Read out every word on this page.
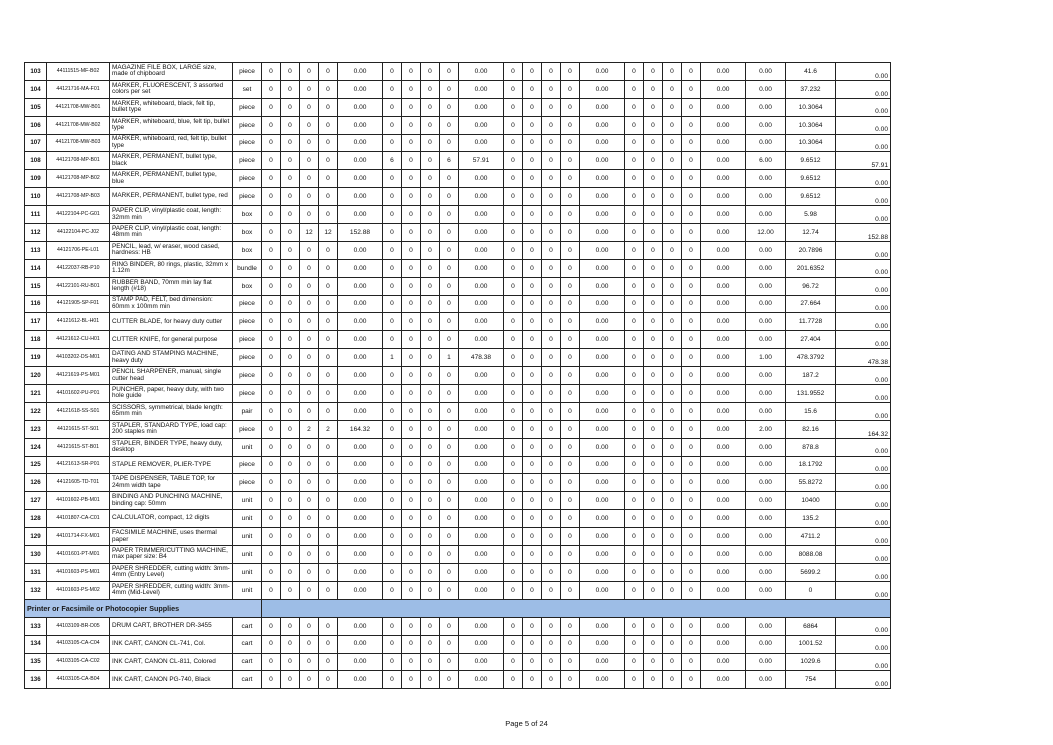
103	44111515-MF-B02	MAGAZINE FILE BOX, LARGE size, made of chipboard	piece	0	0	0	0	0.00	0	0	0	0	0.00	0	0	0	0	0.00	0	0	0	0	0.00	0.00	41.6	0.00
104	44121716-MA-F01	MARKER, FLUORESCENT, 3 assorted colors per set	set	0	0	0	0	0.00	0	0	0	0	0.00	0	0	0	0	0.00	0	0	0	0	0.00	0.00	37.232	0.00
105	44121708-MW-B01	MARKER, whiteboard, black, felt tip, bullet type	piece	0	0	0	0	0.00	0	0	0	0	0.00	0	0	0	0	0.00	0	0	0	0	0.00	0.00	10.3064	0.00
106	44121708-MW-B02	MARKER, whiteboard, blue, felt tip, bullet type	piece	0	0	0	0	0.00	0	0	0	0	0.00	0	0	0	0	0.00	0	0	0	0	0.00	0.00	10.3064	0.00
107	44121708-MW-B03	MARKER, whiteboard, red, felt tip, bullet type	piece	0	0	0	0	0.00	0	0	0	0	0.00	0	0	0	0	0.00	0	0	0	0	0.00	0.00	10.3064	0.00
108	44121708-MP-B01	MARKER, PERMANENT, bullet type, black	piece	0	0	0	0	0.00	6	0	0	6	57.91	0	0	0	0	0.00	0	0	0	0	0.00	6.00	9.6512	57.91
109	44121708-MP-B02	MARKER, PERMANENT, bullet type, blue	piece	0	0	0	0	0.00	0	0	0	0	0.00	0	0	0	0	0.00	0	0	0	0	0.00	0.00	9.6512	0.00
110	44121708-MP-B03	MARKER, PERMANENT, bullet type, red	piece	0	0	0	0	0.00	0	0	0	0	0.00	0	0	0	0	0.00	0	0	0	0	0.00	0.00	9.6512	0.00
111	44122104-PC-G01	PAPER CLIP, vinyl/plastic coat, length: 32mm min	box	0	0	0	0	0.00	0	0	0	0	0.00	0	0	0	0	0.00	0	0	0	0	0.00	0.00	5.98	0.00
112	44122104-PC-J02	PAPER CLIP, vinyl/plastic coat, length: 48mm min	box	0	0	12	12	152.88	0	0	0	0	0.00	0	0	0	0	0.00	0	0	0	0	0.00	12.00	12.74	152.88
113	44121706-PE-L01	PENCIL, lead, w/ eraser, wood cased, hardness: HB	box	0	0	0	0	0.00	0	0	0	0	0.00	0	0	0	0	0.00	0	0	0	0	0.00	0.00	20.7896	0.00
114	44122037-RB-P10	RING BINDER, 80 rings, plastic, 32mm x 1.12m	bundle	0	0	0	0	0.00	0	0	0	0	0.00	0	0	0	0	0.00	0	0	0	0	0.00	0.00	201.6352	0.00
115	44122101-RU-B01	RUBBER BAND, 70mm min lay flat length (#18)	box	0	0	0	0	0.00	0	0	0	0	0.00	0	0	0	0	0.00	0	0	0	0	0.00	0.00	96.72	0.00
116	44121905-SP-F01	STAMP PAD, FELT, bed dimension: 60mm x 100mm min	piece	0	0	0	0	0.00	0	0	0	0	0.00	0	0	0	0	0.00	0	0	0	0	0.00	0.00	27.664	0.00
117	44121612-BL-H01	CUTTER BLADE, for heavy duty cutter	piece	0	0	0	0	0.00	0	0	0	0	0.00	0	0	0	0	0.00	0	0	0	0	0.00	0.00	11.7728	0.00
118	44121612-CU-H01	CUTTER KNIFE, for general purpose	piece	0	0	0	0	0.00	0	0	0	0	0.00	0	0	0	0	0.00	0	0	0	0	0.00	0.00	27.404	0.00
119	44103202-DS-M01	DATING AND STAMPING MACHINE, heavy duty	piece	0	0	0	0	0.00	1	0	0	1	478.38	0	0	0	0	0.00	0	0	0	0	0.00	1.00	478.3792	478.38
120	44121619-PS-M01	PENCIL SHARPENER, manual, single cutter head	piece	0	0	0	0	0.00	0	0	0	0	0.00	0	0	0	0	0.00	0	0	0	0	0.00	0.00	187.2	0.00
121	44101602-PU-P01	PUNCHER, paper, heavy duty, with two hole guide	piece	0	0	0	0	0.00	0	0	0	0	0.00	0	0	0	0	0.00	0	0	0	0	0.00	0.00	131.9552	0.00
122	44121618-SS-S01	SCISSORS, symmetrical, blade length: 65mm min	pair	0	0	0	0	0.00	0	0	0	0	0.00	0	0	0	0	0.00	0	0	0	0	0.00	0.00	15.6	0.00
123	44121615-ST-S01	STAPLER, STANDARD TYPE, load cap: 200 staples min	piece	0	0	2	2	164.32	0	0	0	0	0.00	0	0	0	0	0.00	0	0	0	0	0.00	2.00	82.16	164.32
124	44121615-ST-B01	STAPLER, BINDER TYPE, heavy duty, desktop	unit	0	0	0	0	0.00	0	0	0	0	0.00	0	0	0	0	0.00	0	0	0	0	0.00	0.00	878.8	0.00
125	44121613-SR-P01	STAPLE REMOVER, PLIER-TYPE	piece	0	0	0	0	0.00	0	0	0	0	0.00	0	0	0	0	0.00	0	0	0	0	0.00	0.00	18.1792	0.00
126	44121605-TD-T01	TAPE DISPENSER, TABLE TOP, for 24mm width tape	piece	0	0	0	0	0.00	0	0	0	0	0.00	0	0	0	0	0.00	0	0	0	0	0.00	0.00	55.8272	0.00
127	44101602-PB-M01	BINDING AND PUNCHING MACHINE, binding cap: 50mm	unit	0	0	0	0	0.00	0	0	0	0	0.00	0	0	0	0	0.00	0	0	0	0	0.00	0.00	10400	0.00
128	44101807-CA-C01	CALCULATOR, compact, 12 digits	unit	0	0	0	0	0.00	0	0	0	0	0.00	0	0	0	0	0.00	0	0	0	0	0.00	0.00	135.2	0.00
129	44101714-FX-M01	FACSIMILE MACHINE, uses thermal paper	unit	0	0	0	0	0.00	0	0	0	0	0.00	0	0	0	0	0.00	0	0	0	0	0.00	0.00	4711.2	0.00
130	44101601-PT-M01	PAPER TRIMMER/CUTTING MACHINE, max paper size: B4	unit	0	0	0	0	0.00	0	0	0	0	0.00	0	0	0	0	0.00	0	0	0	0	0.00	0.00	8088.08	0.00
131	44101603-PS-M01	PAPER SHREDDER, cutting width: 3mm-4mm (Entry Level)	unit	0	0	0	0	0.00	0	0	0	0	0.00	0	0	0	0	0.00	0	0	0	0	0.00	0.00	5699.2	0.00
132	44101603-PS-M02	PAPER SHREDDER, cutting width: 3mm-4mm (Mid-Level)	unit	0	0	0	0	0.00	0	0	0	0	0.00	0	0	0	0	0.00	0	0	0	0	0.00	0.00	0	0.00
Printer or Facsimile or Photocopier Supplies																										
133	44103109-BR-D05	DRUM CART, BROTHER DR-3455	cart	0	0	0	0	0.00	0	0	0	0	0.00	0	0	0	0	0.00	0	0	0	0	0.00	0.00	6864	0.00
134	44103105-CA-C04	INK CART, CANON CL-741, Col.	cart	0	0	0	0	0.00	0	0	0	0	0.00	0	0	0	0	0.00	0	0	0	0	0.00	0.00	1001.52	0.00
135	44103105-CA-C02	INK CART, CANON CL-811, Colored	cart	0	0	0	0	0.00	0	0	0	0	0.00	0	0	0	0	0.00	0	0	0	0	0.00	0.00	1029.6	0.00
136	44103105-CA-B04	INK CART, CANON PG-740, Black	cart	0	0	0	0	0.00	0	0	0	0	0.00	0	0	0	0	0.00	0	0	0	0	0.00	0.00	754	0.00
Page 5 of 24
